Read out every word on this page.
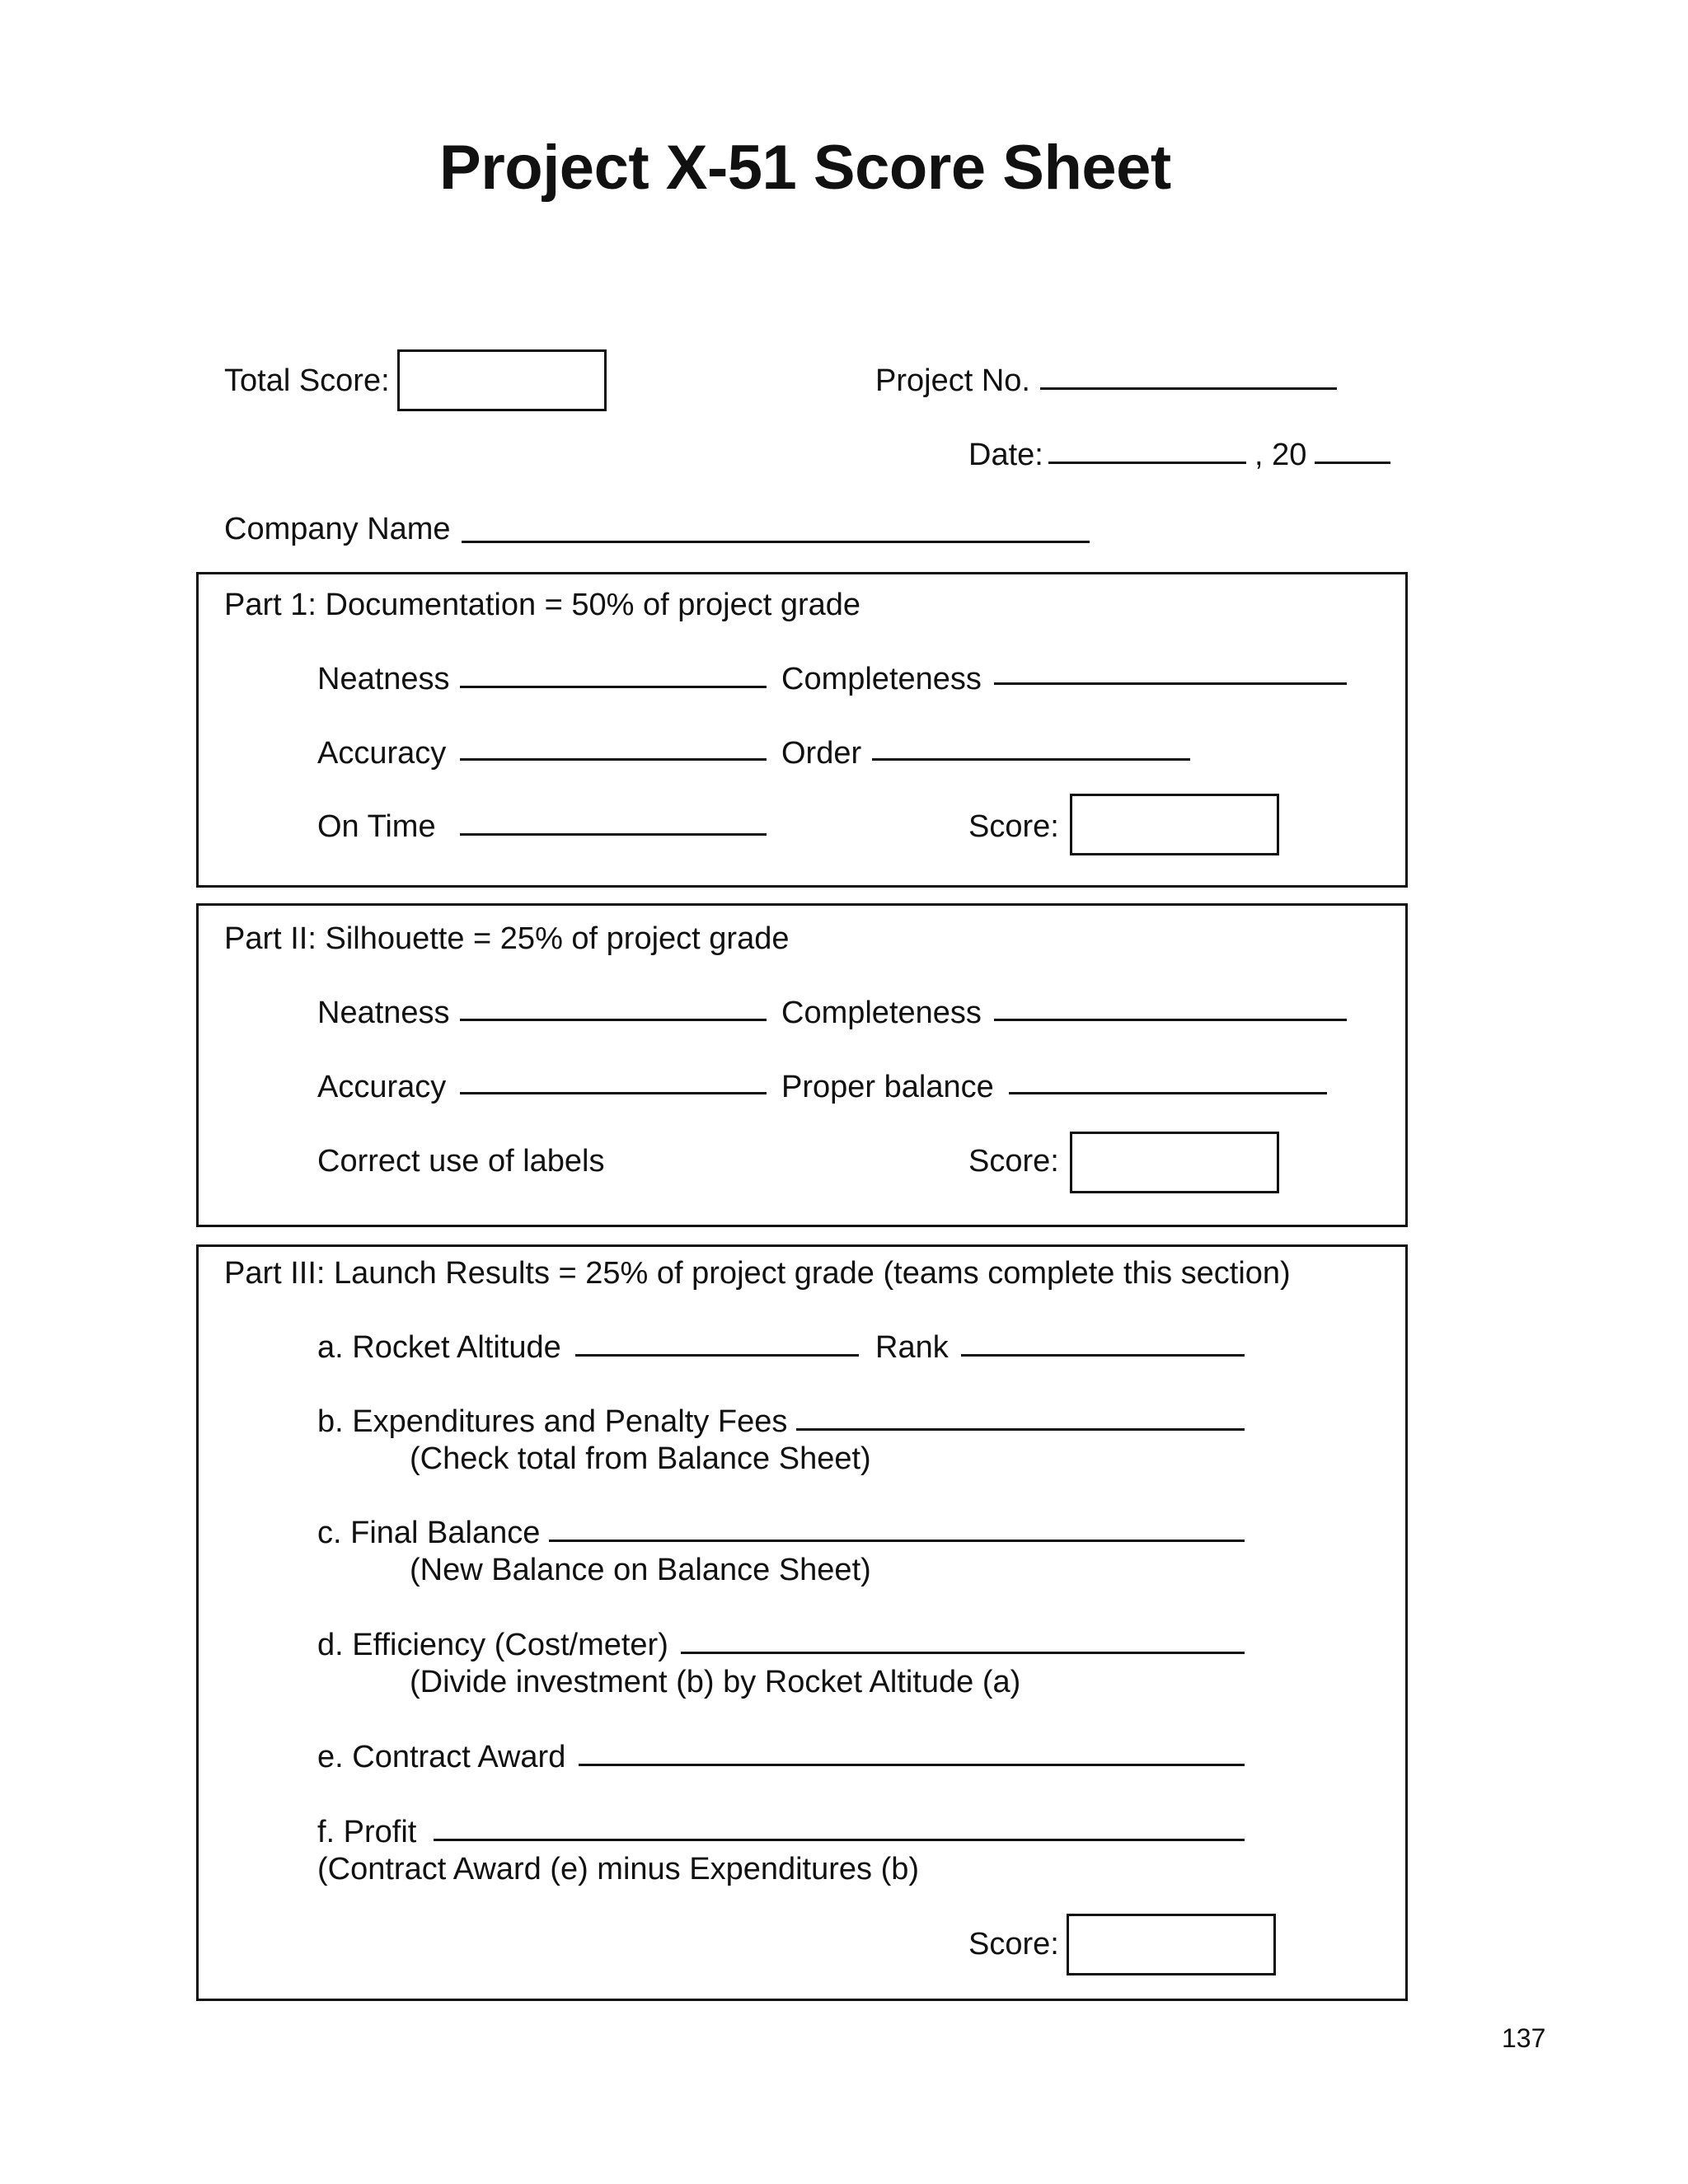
Project X-51 Score Sheet
Total Score:	Project No.
Date:	, 20
Company Name
Part 1: Documentation = 50% of project grade
Neatness	Completeness
Accuracy	Order
On Time	Score:
Part II: Silhouette = 25% of project grade
Neatness	Completeness
Accuracy	Proper balance
Correct use of labels	Score:
Part III: Launch Results = 25% of project grade (teams complete this section)
a. Rocket Altitude	Rank
b. Expenditures and Penalty Fees
(Check total from Balance Sheet)
c. Final Balance
(New Balance on Balance Sheet)
d. Efficiency (Cost/meter)
(Divide investment (b) by Rocket Altitude (a)
e. Contract Award
f. Profit
(Contract Award (e) minus Expenditures (b)
Score:
137
